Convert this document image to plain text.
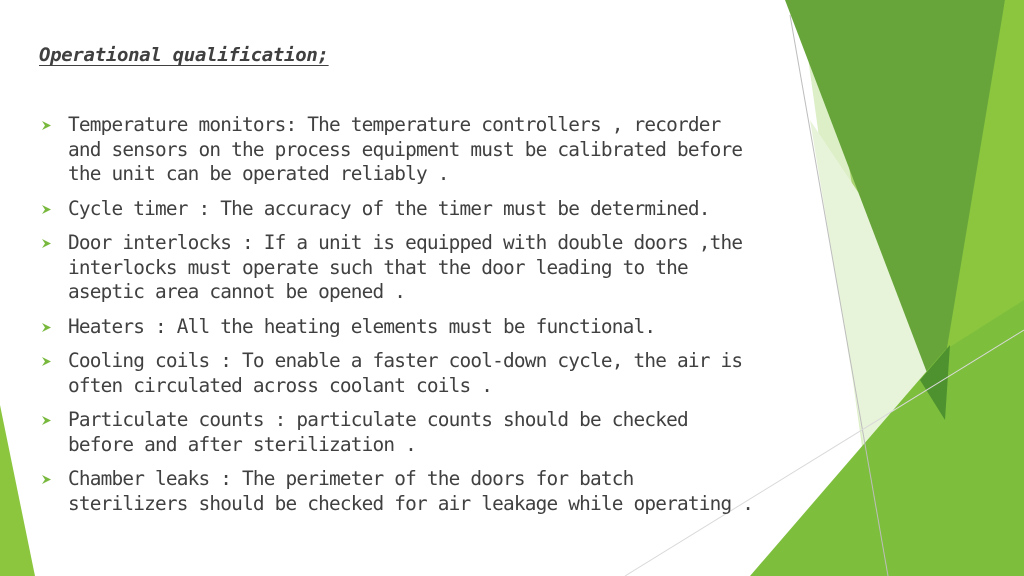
Operational qualification;
Temperature monitors: The temperature controllers , recorder and sensors on the process equipment must be calibrated before the unit can be operated reliably .
Cycle timer : The accuracy of the timer must be determined.
Door interlocks : If a unit is equipped with double doors ,the interlocks must operate such that the door leading to the aseptic area cannot be opened .
Heaters : All the heating elements must be functional.
Cooling coils : To enable a faster cool-down cycle, the air is often circulated across coolant coils .
Particulate counts : particulate counts should be checked before and after sterilization .
Chamber leaks : The perimeter of the doors for batch sterilizers should be checked for air leakage while operating .
